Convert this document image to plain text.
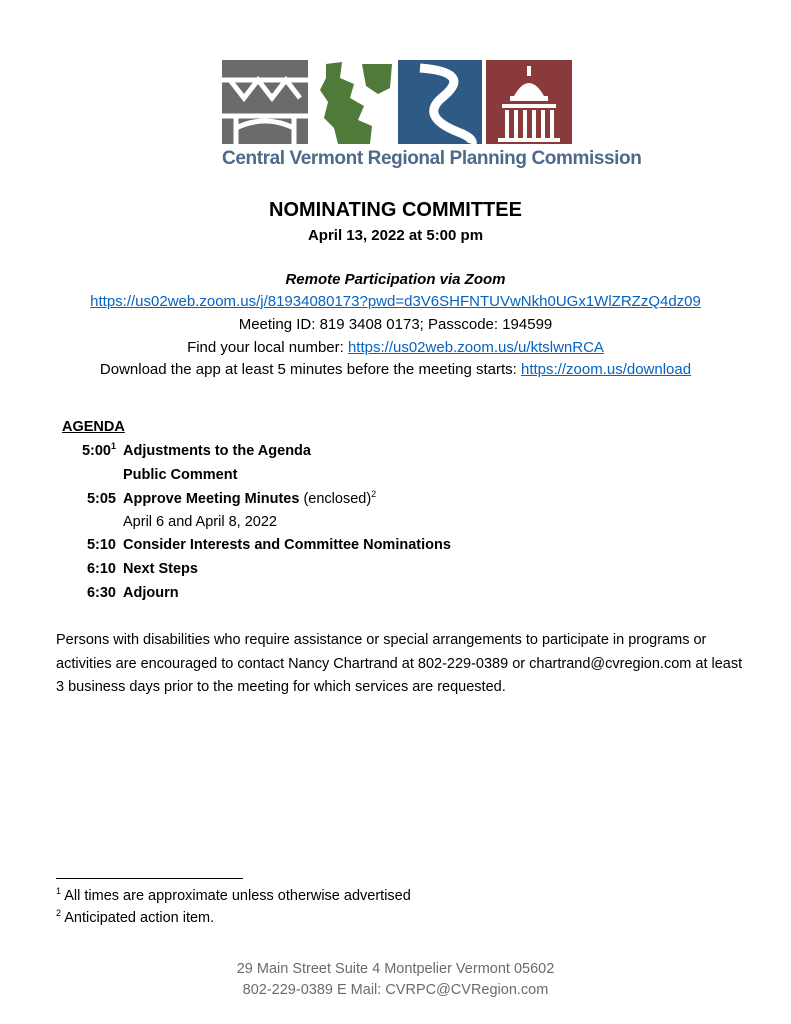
Central Vermont Regional Planning Commission
NOMINATING COMMITTEE
April 13, 2022 at 5:00 pm
Remote Participation via Zoom
https://us02web.zoom.us/j/81934080173?pwd=d3V6SHFNTUVwNkh0UGx1WlZRZzQ4dz09
Meeting ID: 819 3408 0173; Passcode: 194599
Find your local number: https://us02web.zoom.us/u/ktslwnRCA
Download the app at least 5 minutes before the meeting starts: https://zoom.us/download
AGENDA
$5:00^1$ Adjustments to the Agenda
Public Comment
5:05 Approve Meeting Minutes (enclosed)$^2$
April 6 and April 8, 2022
5:10 Consider Interests and Committee Nominations
6:10 Next Steps
6:30 Adjourn
Persons with disabilities who require assistance or special arrangements to participate in programs or activities are encouraged to contact Nancy Chartrand at 802-229-0389 or chartrand@cvregion.com at least 3 business days prior to the meeting for which services are requested.
$^1$ All times are approximate unless otherwise advertised
$^2$ Anticipated action item.
29 Main Street Suite 4 Montpelier Vermont 05602
802-229-0389 E Mail: CVRPC@CVRegion.com
